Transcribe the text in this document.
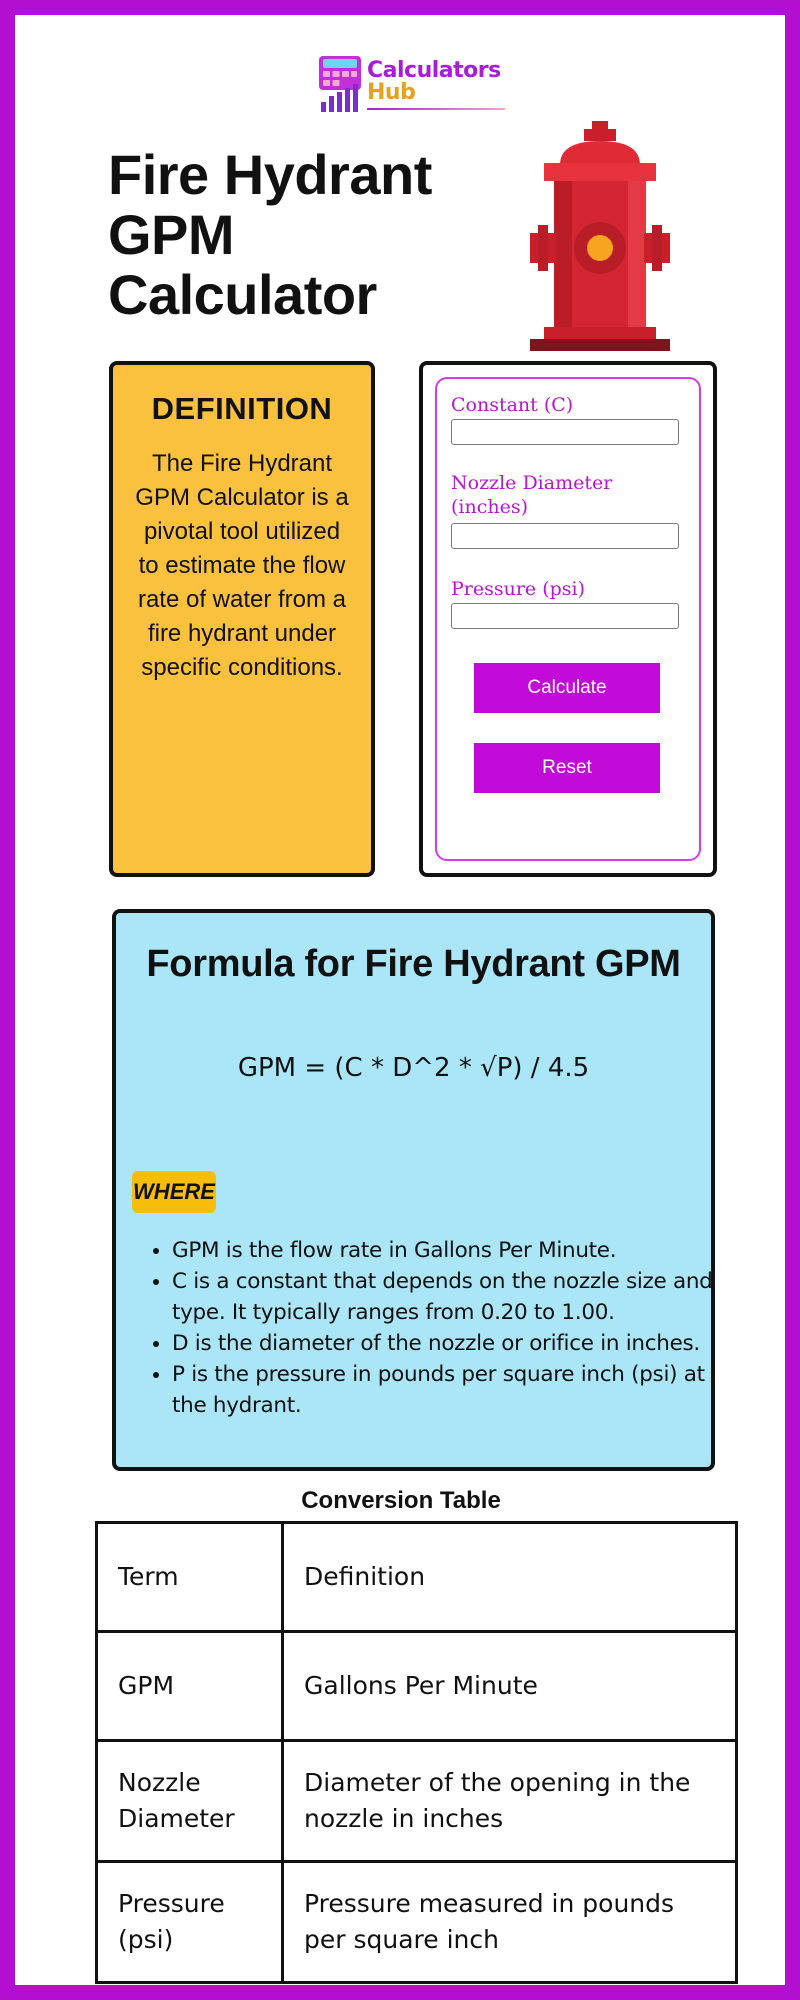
Calculators
Hub
Fire Hydrant GPM Calculator
DEFINITION

The Fire Hydrant GPM Calculator is a pivotal tool utilized to estimate the flow rate of water from a fire hydrant under specific conditions.

Constant (C)
Nozzle Diameter (inches)
Pressure (psi)
Calculate
Reset
Formula for Fire Hydrant GPM
GPM = (C * D^2 * √P) / 4.5
WHERE
• GPM is the flow rate in Gallons Per Minute.
• C is a constant that depends on the nozzle size and type. It typically ranges from 0.20 to 1.00.
• D is the diameter of the nozzle or orifice in inches.
• P is the pressure in pounds per square inch (psi) at the hydrant.
Conversion Table
Term	Definition
GPM	Gallons Per Minute
Nozzle Diameter	Diameter of the opening in the nozzle in inches
Pressure (psi)	Pressure measured in pounds per square inch
